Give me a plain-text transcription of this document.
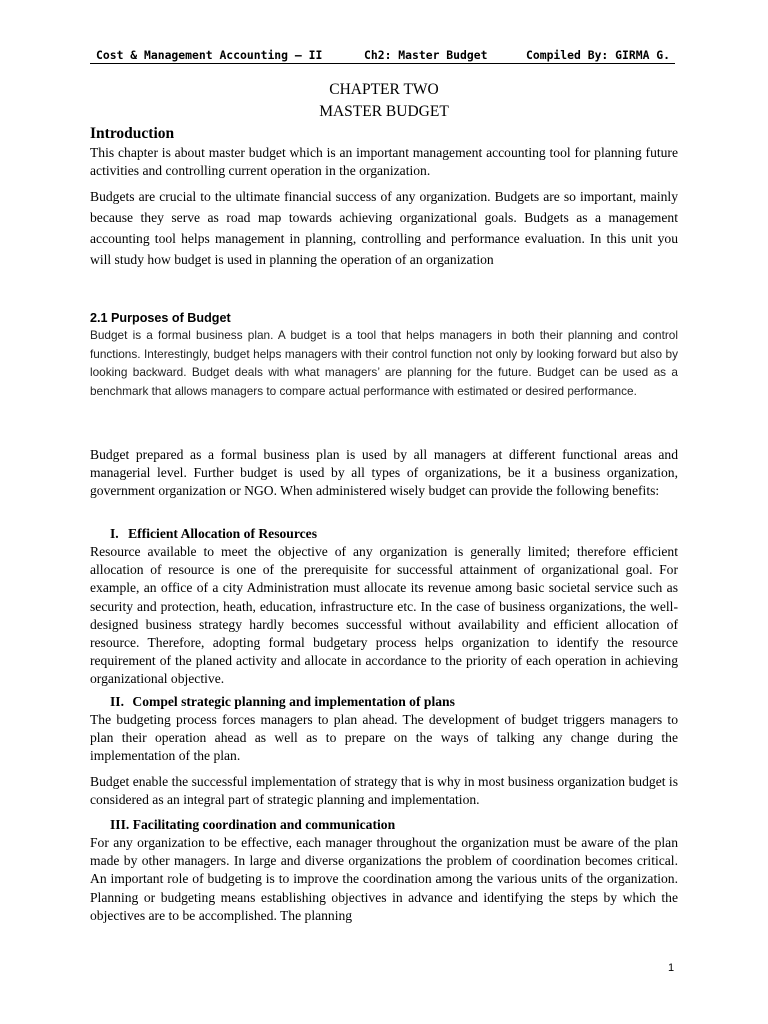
Cost & Management Accounting – II	Ch2: Master Budget	Compiled By: GIRMA G.
CHAPTER TWO
MASTER BUDGET
Introduction
This chapter is about master budget which is an important management accounting tool for planning future activities and controlling current operation in the organization.
Budgets are crucial to the ultimate financial success of any organization. Budgets are so important, mainly because they serve as road map towards achieving organizational goals. Budgets as a management accounting tool helps management in planning, controlling and performance evaluation. In this unit you will study how budget is used in planning the operation of an organization
2.1 Purposes of Budget
Budget is a formal business plan. A budget is a tool that helps managers in both their planning and control functions. Interestingly, budget helps managers with their control function not only by looking forward but also by looking backward. Budget deals with what managers’ are planning for the future. Budget can be used as a benchmark that allows managers to compare actual performance with estimated or desired performance.
Budget prepared as a formal business plan is used by all managers at different functional areas and managerial level. Further budget is used by all types of organizations, be it a business organization, government organization or NGO. When administered wisely budget can provide the following benefits:
I. Efficient Allocation of Resources
Resource available to meet the objective of any organization is generally limited; therefore efficient allocation of resource is one of the prerequisite for successful attainment of organizational goal. For example, an office of a city Administration must allocate its revenue among basic societal service such as security and protection, heath, education, infrastructure etc. In the case of business organizations, the well-designed business strategy hardly becomes successful without availability and efficient allocation of resource. Therefore, adopting formal budgetary process helps organization to identify the resource requirement of the planed activity and allocate in accordance to the priority of each operation in achieving organizational objective.
II. Compel strategic planning and implementation of plans
The budgeting process forces managers to plan ahead. The development of budget triggers managers to plan their operation ahead as well as to prepare on the ways of talking any change during the implementation of the plan.
Budget enable the successful implementation of strategy that is why in most business organization budget is considered as an integral part of strategic planning and implementation.
III. Facilitating coordination and communication
For any organization to be effective, each manager throughout the organization must be aware of the plan made by other managers. In large and diverse organizations the problem of coordination becomes critical. An important role of budgeting is to improve the coordination among the various units of the organization. Planning or budgeting means establishing objectives in advance and identifying the steps by which the objectives are to be accomplished. The planning
1
